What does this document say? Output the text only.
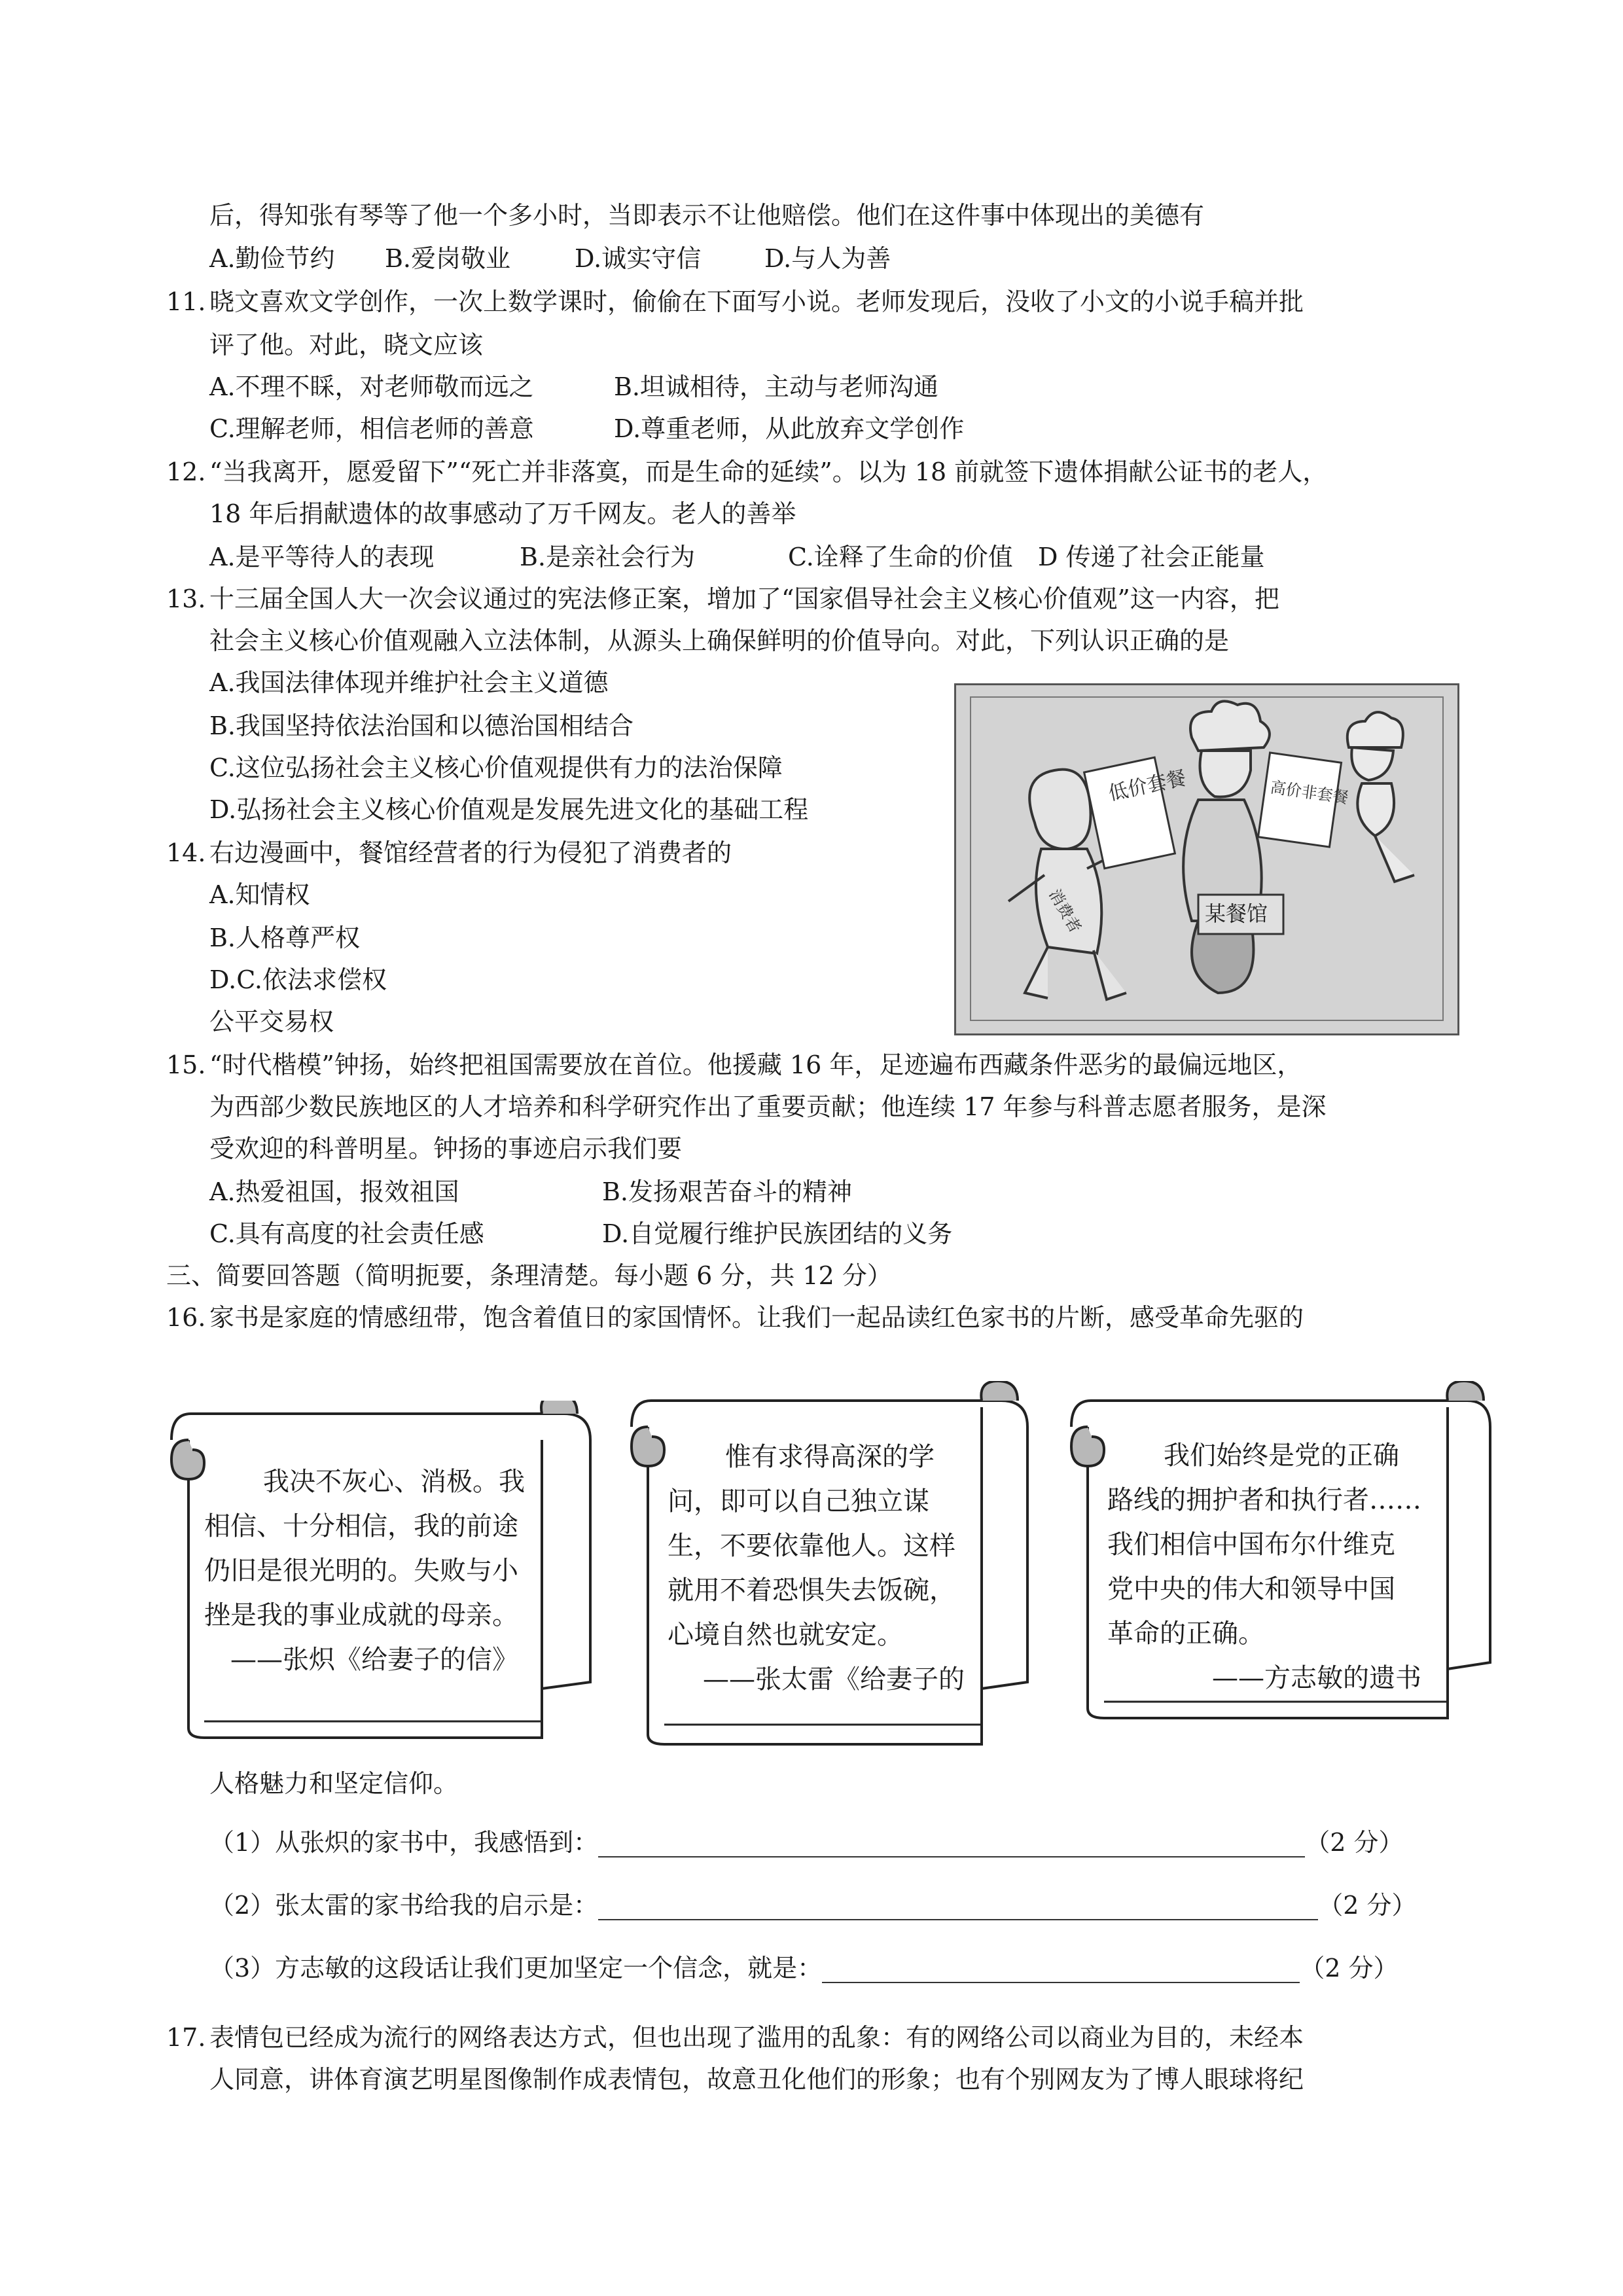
后，得知张有琴等了他一个多小时，当即表示不让他赔偿。他们在这件事中体现出的美德有
A.勤俭节约 B.爱岗敬业	D.诚实守信	D.与人为善
11. 晓文喜欢文学创作，一次上数学课时，偷偷在下面写小说。老师发现后，没收了小文的小说手稿并批
评了他。对此，晓文应该
A.不理不睬，对老师敬而远之	B.坦诚相待，主动与老师沟通
C.理解老师，相信老师的善意	D.尊重老师，从此放弃文学创作
12. “当我离开，愿爱留下”“死亡并非落寞，而是生命的延续”。以为 18 前就签下遗体捐献公证书的老人，
18 年后捐献遗体的故事感动了万千网友。老人的善举
A.是平等待人的表现	B.是亲社会行为	C.诠释了生命的价值 D 传递了社会正能量
13. 十三届全国人大一次会议通过的宪法修正案，增加了“国家倡导社会主义核心价值观”这一内容，把
社会主义核心价值观融入立法体制，从源头上确保鲜明的价值导向。对此，下列认识正确的是
A.我国法律体现并维护社会主义道德
B.我国坚持依法治国和以德治国相结合
C.这位弘扬社会主义核心价值观提供有力的法治保障
D.弘扬社会主义核心价值观是发展先进文化的基础工程
低价套餐	高价非套餐
某餐馆
消费者
14. 右边漫画中，餐馆经营者的行为侵犯了消费者的
A.知情权
B.人格尊严权
D.C.依法求偿权
公平交易权
15. “时代楷模”钟扬，始终把祖国需要放在首位。他援藏 16 年，足迹遍布西藏条件恶劣的最偏远地区，
为西部少数民族地区的人才培养和科学研究作出了重要贡献；他连续 17 年参与科普志愿者服务，是深
受欢迎的科普明星。钟扬的事迹启示我们要
A.热爱祖国，报效祖国	B.发扬艰苦奋斗的精神
C.具有高度的社会责任感	D.自觉履行维护民族团结的义务
三、简要回答题（简明扼要，条理清楚。每小题 6 分，共 12 分）
16. 家书是家庭的情感纽带，饱含着值日的家国情怀。让我们一起品读红色家书的片断，感受革命先驱的
我决不灰心、消极。我
相信、十分相信，我的前途
仍旧是很光明的。失败与小
挫是我的事业成就的母亲。
——张炽《给妻子的信》
惟有求得高深的学
问，即可以自己独立谋
生，不要依靠他人。这样
就用不着恐惧失去饭碗，
心境自然也就安定。
——张太雷《给妻子的
我们始终是党的正确
路线的拥护者和执行者……
我们相信中国布尔什维克
党中央的伟大和领导中国
革命的正确。
——方志敏的遗书
人格魅力和坚定信仰。
（1）从张炽的家书中，我感悟到：	（2 分）
（2）张太雷的家书给我的启示是：	（2 分）
（3）方志敏的这段话让我们更加坚定一个信念，就是：	（2 分）
17. 表情包已经成为流行的网络表达方式，但也出现了滥用的乱象：有的网络公司以商业为目的，未经本
人同意，讲体育演艺明星图像制作成表情包，故意丑化他们的形象；也有个别网友为了博人眼球将纪
